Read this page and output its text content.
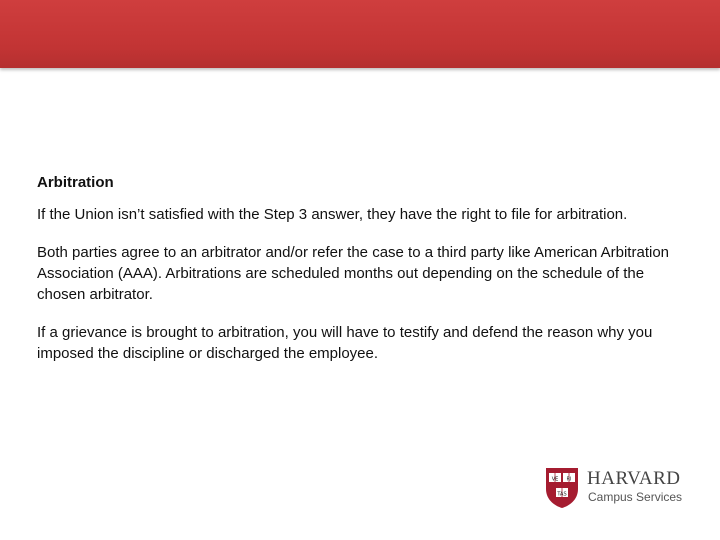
Arbitration
If the Union isn’t satisfied with the Step 3 answer, they have the right to file for arbitration.
Both parties agree to an arbitrator and/or refer the case to a third party like American Arbitration Association (AAA). Arbitrations are scheduled months out depending on the schedule of the chosen arbitrator.
If a grievance is brought to arbitration, you will have to testify and defend the reason why you imposed the discipline or discharged the employee.
VE RI
TAS
HARVARD
Campus Services
